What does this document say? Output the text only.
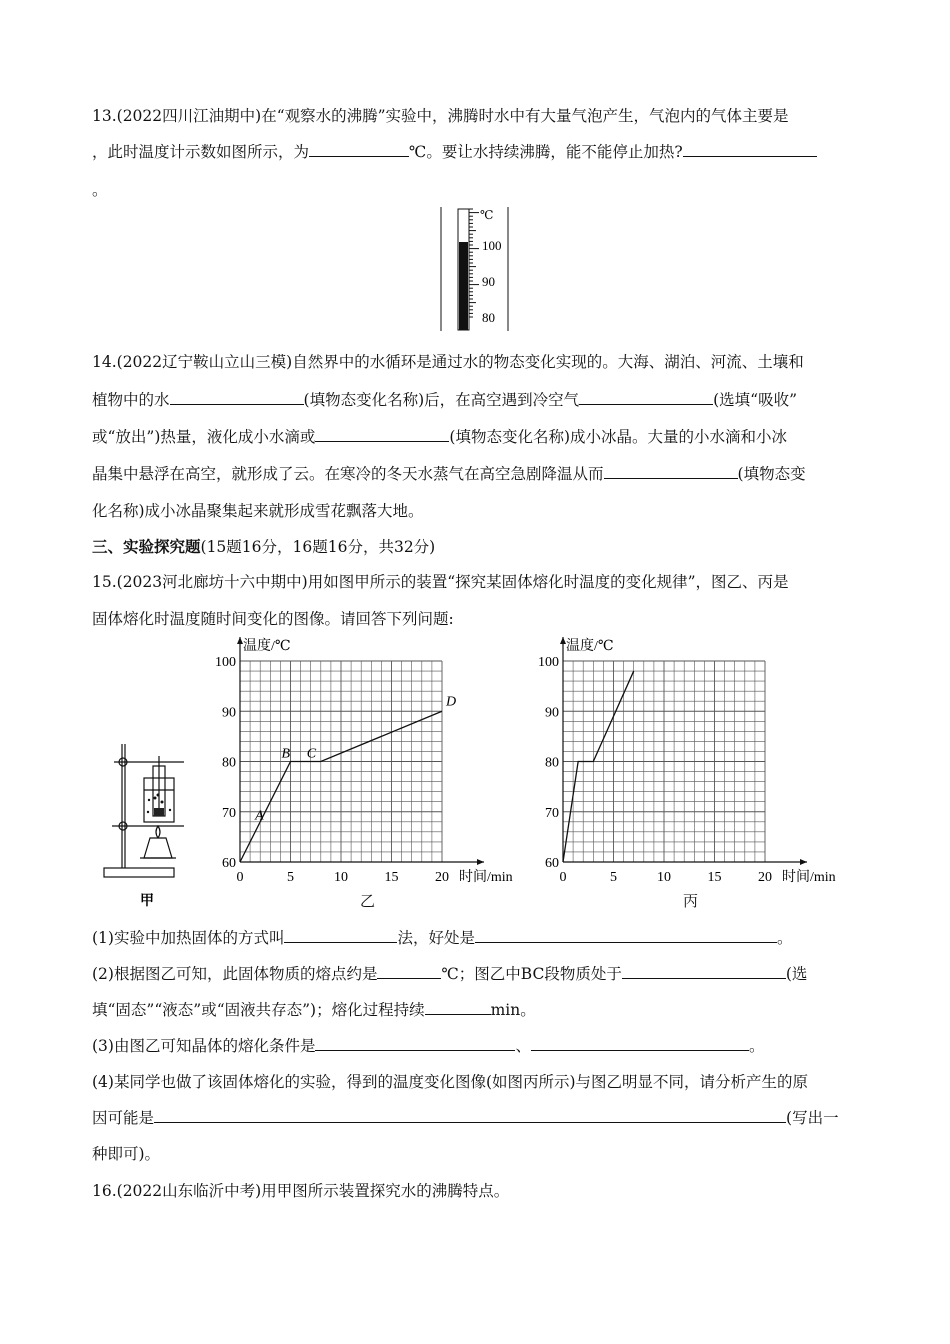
13.(2022四川江油期中)在“观察水的沸腾”实验中，沸腾时水中有大量气泡产生，气泡内的气体主要是
，此时温度计示数如图所示，为	℃。要让水持续沸腾，能不能停止加热?
。
℃
100
90
80
14.(2022辽宁鞍山立山三模)自然界中的水循环是通过水的物态变化实现的。大海、湖泊、河流、土壤和
植物中的水	(填物态变化名称)后，在高空遇到冷空气	(选填“吸收”
或“放出”)热量，液化成小水滴或	(填物态变化名称)成小冰晶。大量的小水滴和小冰
晶集中悬浮在高空，就形成了云。在寒冷的冬天水蒸气在高空急剧降温从而	(填物态变
化名称)成小冰晶聚集起来就形成雪花飘落大地。
三、实验探究题(15题16分，16题16分，共32分)
15.(2023河北廊坊十六中期中)用如图甲所示的装置“探究某固体熔化时温度的变化规律”，图乙、丙是
固体熔化时温度随时间变化的图像。请回答下列问题:
甲
0	5	10	15	20
60
70
80
90
100
温度/℃
时间/min
B C
D
A
乙
0	5	10	15	20
60
70
80
90
100
温度/℃
时间/min
丙
(1)实验中加热固体的方式叫	法，好处是	。
(2)根据图乙可知，此固体物质的熔点约是	℃；图乙中BC段物质处于	(选
填“固态”“液态”或“固液共存态”)；熔化过程持续	min。
(3)由图乙可知晶体的熔化条件是	、	。
(4)某同学也做了该固体熔化的实验，得到的温度变化图像(如图丙所示)与图乙明显不同，请分析产生的原
因可能是	(写出一
种即可)。
16.(2022山东临沂中考)用甲图所示装置探究水的沸腾特点。
